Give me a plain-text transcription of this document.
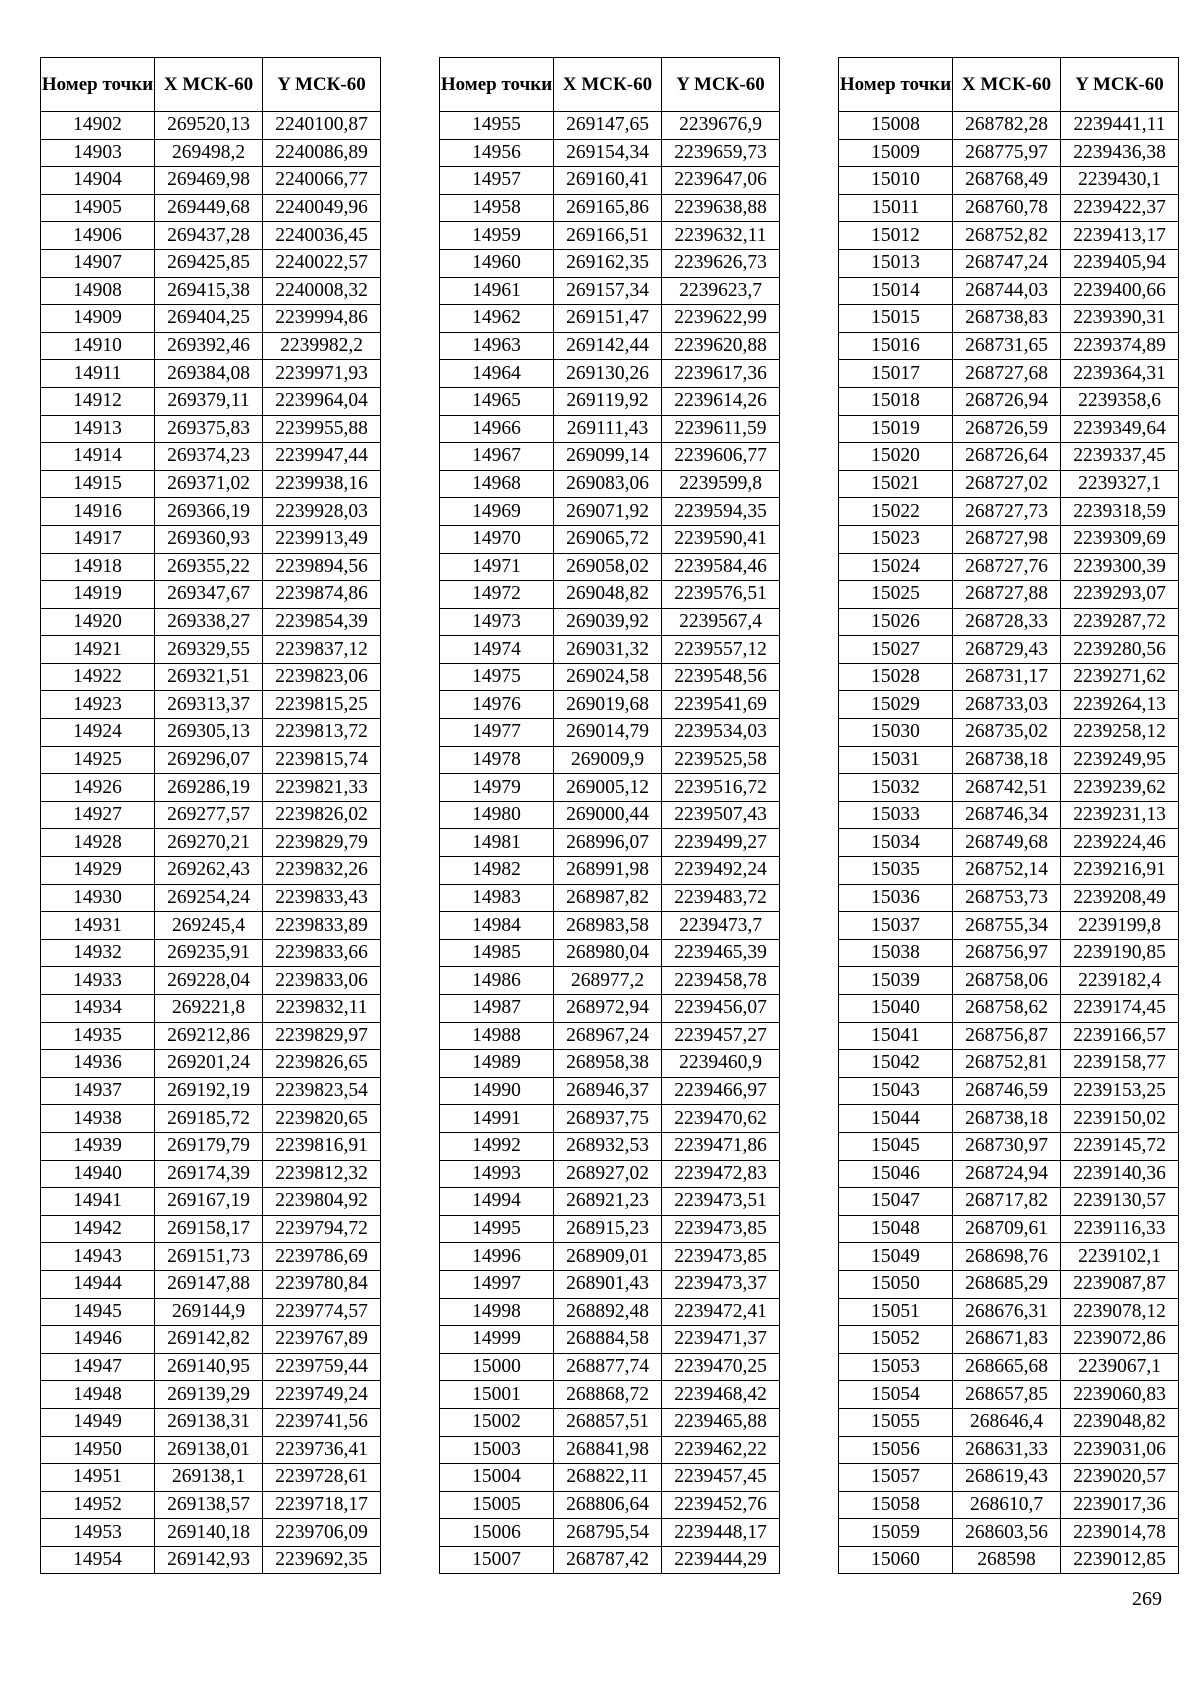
Номер точки	X МСК-60	Y МСК-60
14902	269520,13	2240100,87
14903	269498,2	2240086,89
14904	269469,98	2240066,77
14905	269449,68	2240049,96
14906	269437,28	2240036,45
14907	269425,85	2240022,57
14908	269415,38	2240008,32
14909	269404,25	2239994,86
14910	269392,46	2239982,2
14911	269384,08	2239971,93
14912	269379,11	2239964,04
14913	269375,83	2239955,88
14914	269374,23	2239947,44
14915	269371,02	2239938,16
14916	269366,19	2239928,03
14917	269360,93	2239913,49
14918	269355,22	2239894,56
14919	269347,67	2239874,86
14920	269338,27	2239854,39
14921	269329,55	2239837,12
14922	269321,51	2239823,06
14923	269313,37	2239815,25
14924	269305,13	2239813,72
14925	269296,07	2239815,74
14926	269286,19	2239821,33
14927	269277,57	2239826,02
14928	269270,21	2239829,79
14929	269262,43	2239832,26
14930	269254,24	2239833,43
14931	269245,4	2239833,89
14932	269235,91	2239833,66
14933	269228,04	2239833,06
14934	269221,8	2239832,11
14935	269212,86	2239829,97
14936	269201,24	2239826,65
14937	269192,19	2239823,54
14938	269185,72	2239820,65
14939	269179,79	2239816,91
14940	269174,39	2239812,32
14941	269167,19	2239804,92
14942	269158,17	2239794,72
14943	269151,73	2239786,69
14944	269147,88	2239780,84
14945	269144,9	2239774,57
14946	269142,82	2239767,89
14947	269140,95	2239759,44
14948	269139,29	2239749,24
14949	269138,31	2239741,56
14950	269138,01	2239736,41
14951	269138,1	2239728,61
14952	269138,57	2239718,17
14953	269140,18	2239706,09
14954	269142,93	2239692,35
Номер точки	X МСК-60	Y МСК-60
14955	269147,65	2239676,9
14956	269154,34	2239659,73
14957	269160,41	2239647,06
14958	269165,86	2239638,88
14959	269166,51	2239632,11
14960	269162,35	2239626,73
14961	269157,34	2239623,7
14962	269151,47	2239622,99
14963	269142,44	2239620,88
14964	269130,26	2239617,36
14965	269119,92	2239614,26
14966	269111,43	2239611,59
14967	269099,14	2239606,77
14968	269083,06	2239599,8
14969	269071,92	2239594,35
14970	269065,72	2239590,41
14971	269058,02	2239584,46
14972	269048,82	2239576,51
14973	269039,92	2239567,4
14974	269031,32	2239557,12
14975	269024,58	2239548,56
14976	269019,68	2239541,69
14977	269014,79	2239534,03
14978	269009,9	2239525,58
14979	269005,12	2239516,72
14980	269000,44	2239507,43
14981	268996,07	2239499,27
14982	268991,98	2239492,24
14983	268987,82	2239483,72
14984	268983,58	2239473,7
14985	268980,04	2239465,39
14986	268977,2	2239458,78
14987	268972,94	2239456,07
14988	268967,24	2239457,27
14989	268958,38	2239460,9
14990	268946,37	2239466,97
14991	268937,75	2239470,62
14992	268932,53	2239471,86
14993	268927,02	2239472,83
14994	268921,23	2239473,51
14995	268915,23	2239473,85
14996	268909,01	2239473,85
14997	268901,43	2239473,37
14998	268892,48	2239472,41
14999	268884,58	2239471,37
15000	268877,74	2239470,25
15001	268868,72	2239468,42
15002	268857,51	2239465,88
15003	268841,98	2239462,22
15004	268822,11	2239457,45
15005	268806,64	2239452,76
15006	268795,54	2239448,17
15007	268787,42	2239444,29
Номер точки	X МСК-60	Y МСК-60
15008	268782,28	2239441,11
15009	268775,97	2239436,38
15010	268768,49	2239430,1
15011	268760,78	2239422,37
15012	268752,82	2239413,17
15013	268747,24	2239405,94
15014	268744,03	2239400,66
15015	268738,83	2239390,31
15016	268731,65	2239374,89
15017	268727,68	2239364,31
15018	268726,94	2239358,6
15019	268726,59	2239349,64
15020	268726,64	2239337,45
15021	268727,02	2239327,1
15022	268727,73	2239318,59
15023	268727,98	2239309,69
15024	268727,76	2239300,39
15025	268727,88	2239293,07
15026	268728,33	2239287,72
15027	268729,43	2239280,56
15028	268731,17	2239271,62
15029	268733,03	2239264,13
15030	268735,02	2239258,12
15031	268738,18	2239249,95
15032	268742,51	2239239,62
15033	268746,34	2239231,13
15034	268749,68	2239224,46
15035	268752,14	2239216,91
15036	268753,73	2239208,49
15037	268755,34	2239199,8
15038	268756,97	2239190,85
15039	268758,06	2239182,4
15040	268758,62	2239174,45
15041	268756,87	2239166,57
15042	268752,81	2239158,77
15043	268746,59	2239153,25
15044	268738,18	2239150,02
15045	268730,97	2239145,72
15046	268724,94	2239140,36
15047	268717,82	2239130,57
15048	268709,61	2239116,33
15049	268698,76	2239102,1
15050	268685,29	2239087,87
15051	268676,31	2239078,12
15052	268671,83	2239072,86
15053	268665,68	2239067,1
15054	268657,85	2239060,83
15055	268646,4	2239048,82
15056	268631,33	2239031,06
15057	268619,43	2239020,57
15058	268610,7	2239017,36
15059	268603,56	2239014,78
15060	268598	2239012,85
269
